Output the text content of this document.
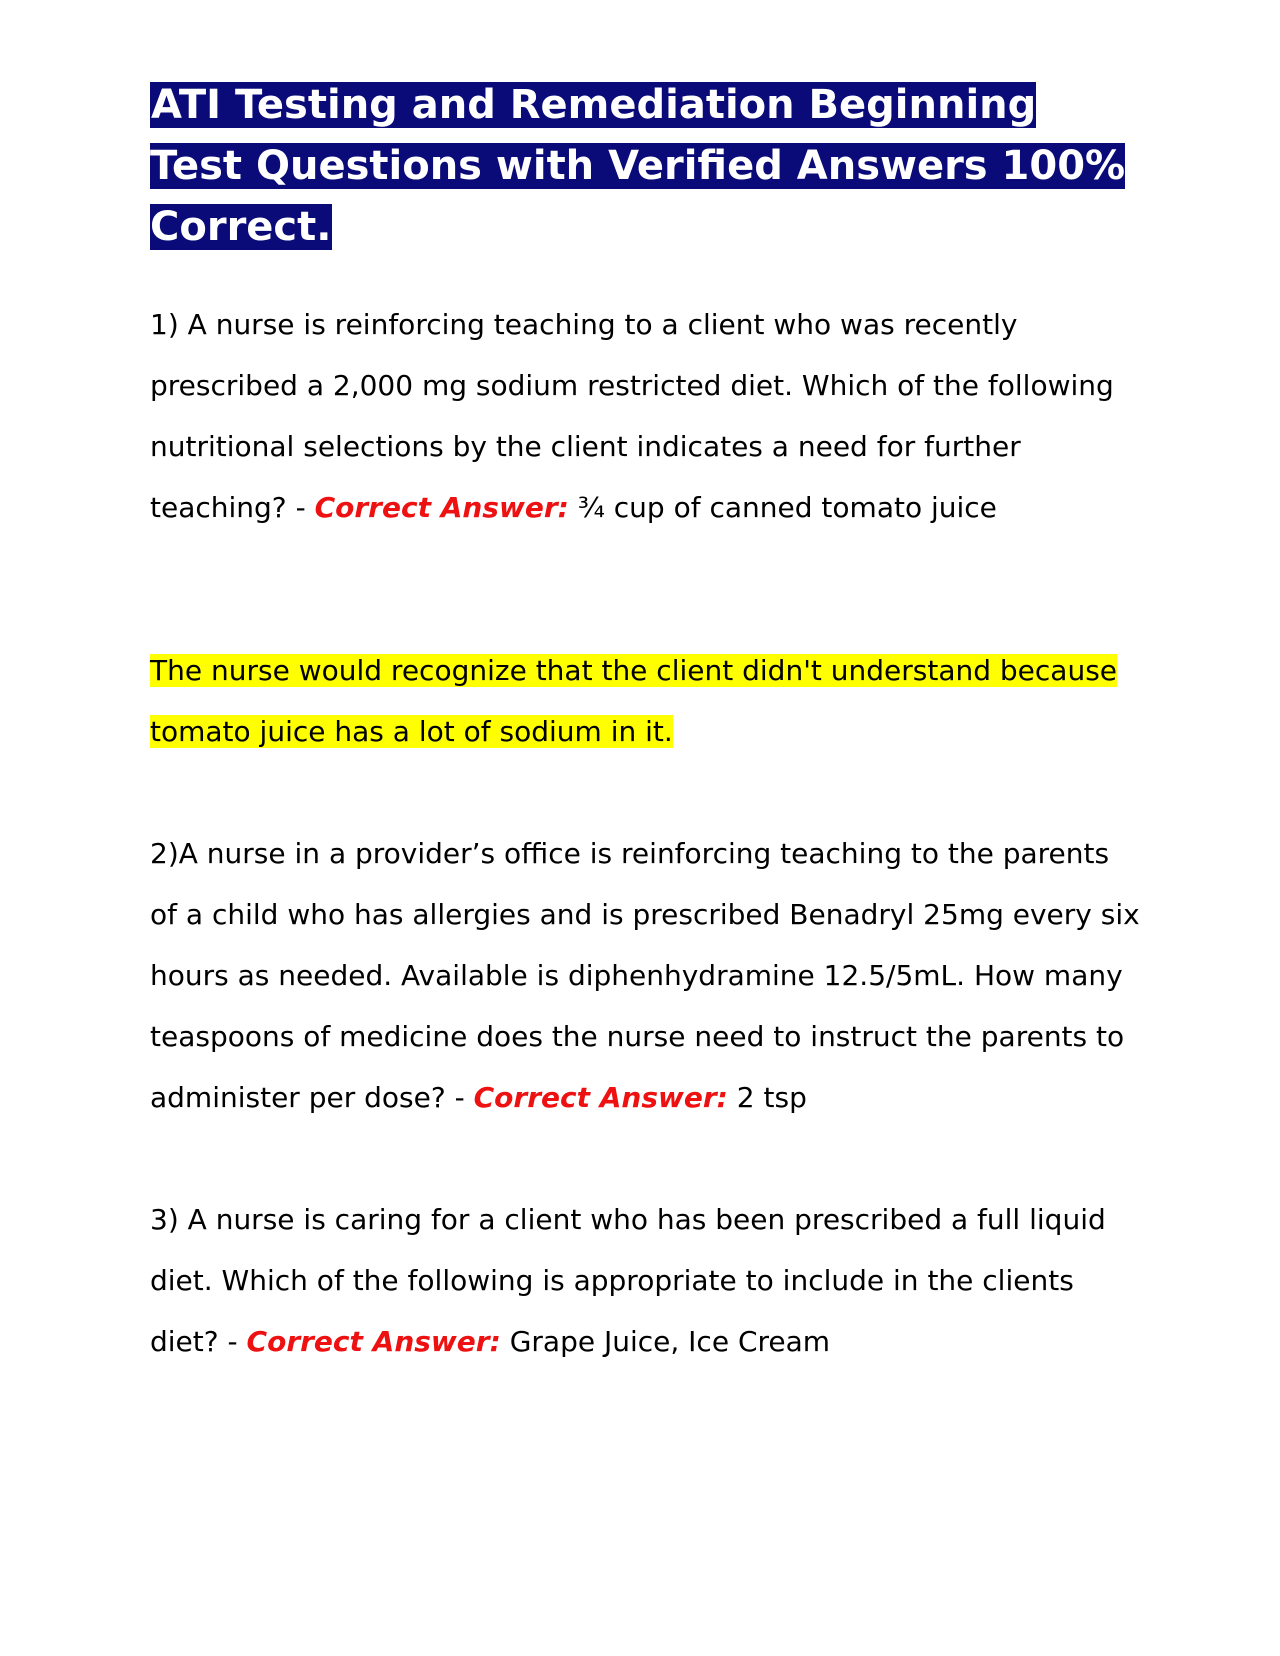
ATI Testing and Remediation Beginning Test Questions with Verified Answers 100% Correct.

1) A nurse is reinforcing teaching to a client who was recently prescribed a 2,000 mg sodium restricted diet. Which of the following nutritional selections by the client indicates a need for further teaching? - Correct Answer: ¾ cup of canned tomato juice

The nurse would recognize that the client didn't understand because tomato juice has a lot of sodium in it.

2)A nurse in a provider’s office is reinforcing teaching to the parents of a child who has allergies and is prescribed Benadryl 25mg every six hours as needed. Available is diphenhydramine 12.5/5mL. How many teaspoons of medicine does the nurse need to instruct the parents to administer per dose? - Correct Answer: 2 tsp

3) A nurse is caring for a client who has been prescribed a full liquid diet. Which of the following is appropriate to include in the clients diet? - Correct Answer: Grape Juice, Ice Cream
